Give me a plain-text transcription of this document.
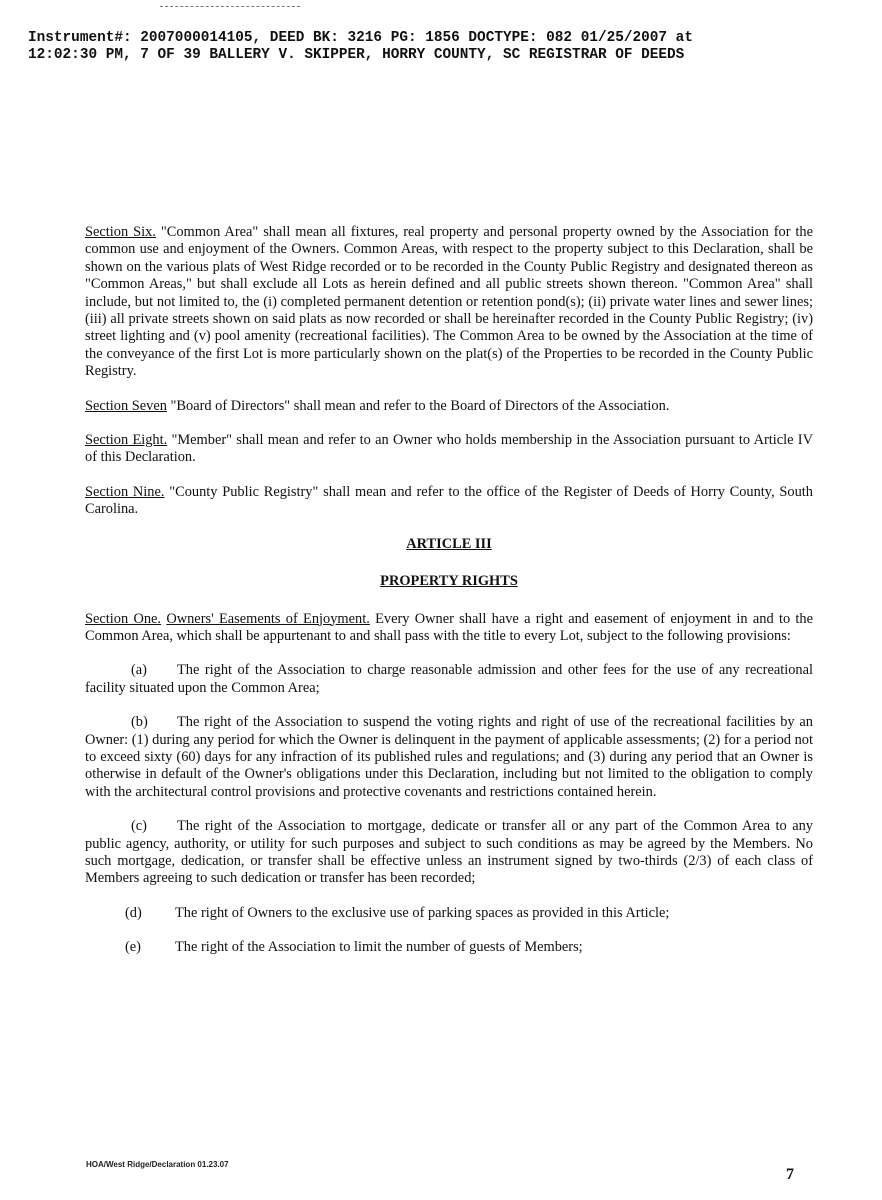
Instrument#: 2007000014105, DEED BK: 3216 PG: 1856 DOCTYPE: 082 01/25/2007 at
12:02:30 PM, 7 OF 39 BALLERY V. SKIPPER, HORRY COUNTY, SC REGISTRAR OF DEEDS

Section Six. "Common Area" shall mean all fixtures, real property and personal property owned by the Association for the common use and enjoyment of the Owners. Common Areas, with respect to the property subject to this Declaration, shall be shown on the various plats of West Ridge recorded or to be recorded in the County Public Registry and designated thereon as "Common Areas," but shall exclude all Lots as herein defined and all public streets shown thereon. "Common Area" shall include, but not limited to, the (i) completed permanent detention or retention pond(s); (ii) private water lines and sewer lines; (iii) all private streets shown on said plats as now recorded or shall be hereinafter recorded in the County Public Registry; (iv) street lighting and (v) pool amenity (recreational facilities). The Common Area to be owned by the Association at the time of the conveyance of the first Lot is more particularly shown on the plat(s) of the Properties to be recorded in the County Public Registry.

Section Seven "Board of Directors" shall mean and refer to the Board of Directors of the Association.

Section Eight. "Member" shall mean and refer to an Owner who holds membership in the Association pursuant to Article IV of this Declaration.

Section Nine. "County Public Registry" shall mean and refer to the office of the Register of Deeds of Horry County, South Carolina.

ARTICLE III
PROPERTY RIGHTS

Section One. Owners' Easements of Enjoyment. Every Owner shall have a right and easement of enjoyment in and to the Common Area, which shall be appurtenant to and shall pass with the title to every Lot, subject to the following provisions:

(a) The right of the Association to charge reasonable admission and other fees for the use of any recreational facility situated upon the Common Area;

(b) The right of the Association to suspend the voting rights and right of use of the recreational facilities by an Owner: (1) during any period for which the Owner is delinquent in the payment of applicable assessments; (2) for a period not to exceed sixty (60) days for any infraction of its published rules and regulations; and (3) during any period that an Owner is otherwise in default of the Owner's obligations under this Declaration, including but not limited to the obligation to comply with the architectural control provisions and protective covenants and restrictions contained herein.

(c) The right of the Association to mortgage, dedicate or transfer all or any part of the Common Area to any public agency, authority, or utility for such purposes and subject to such conditions as may be agreed by the Members. No such mortgage, dedication, or transfer shall be effective unless an instrument signed by two-thirds (2/3) of each class of Members agreeing to such dedication or transfer has been recorded;

(d) The right of Owners to the exclusive use of parking spaces as provided in this Article;

(e) The right of the Association to limit the number of guests of Members;

HOA/West Ridge/Declaration 01.23.07
7
